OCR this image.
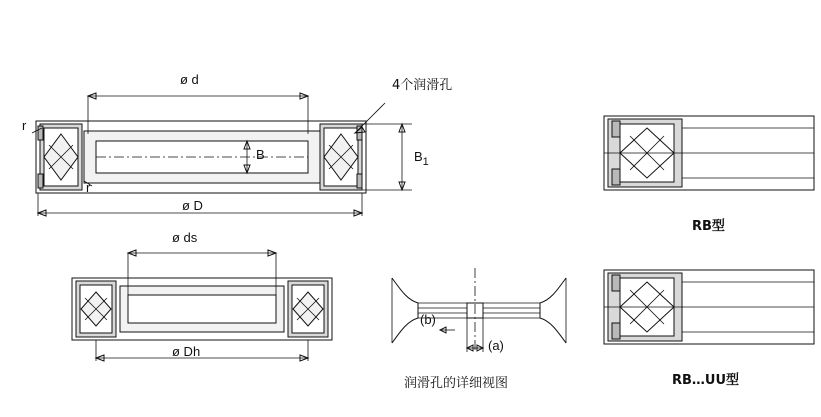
ø d
ø D
B	$B_1$
r
r
4个润滑孔
ø ds
ø Dh
(b)
(a)
润滑孔的详细视图
RB型
RB…UU型
